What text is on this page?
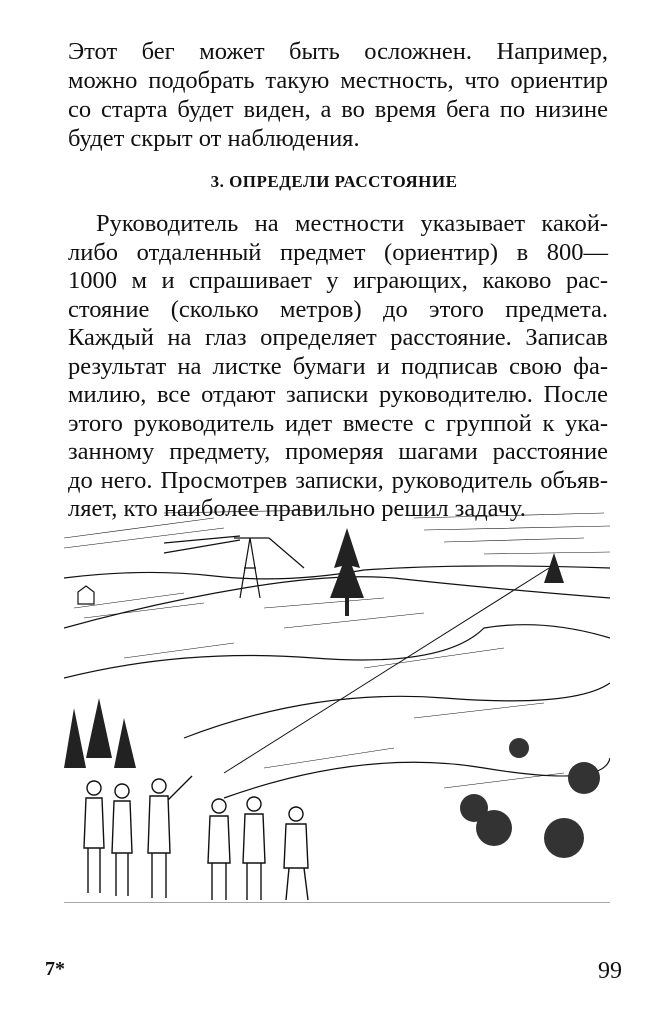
Этот бег может быть осложнен. Например,
можно подобрать такую местность, что ориентир
со старта будет виден, а во время бега по низине
будет скрыт от наблюдения.
3. ОПРЕДЕЛИ РАССТОЯНИЕ
Руководитель на местности указывает какой-
либо отдаленный предмет (ориентир) в 800—
1000 м и спрашивает у играющих, каково рас-
стояние (сколько метров) до этого предмета.
Каждый на глаз определяет расстояние. Записав
результат на листке бумаги и подписав свою фа-
милию, все отдают записки руководителю. После
этого руководитель идет вместе с группой к ука-
занному предмету, промеряя шагами расстояние
до него. Просмотрев записки, руководитель объяв-
ляет, кто наиболее правильно решил задачу.
7*	99
